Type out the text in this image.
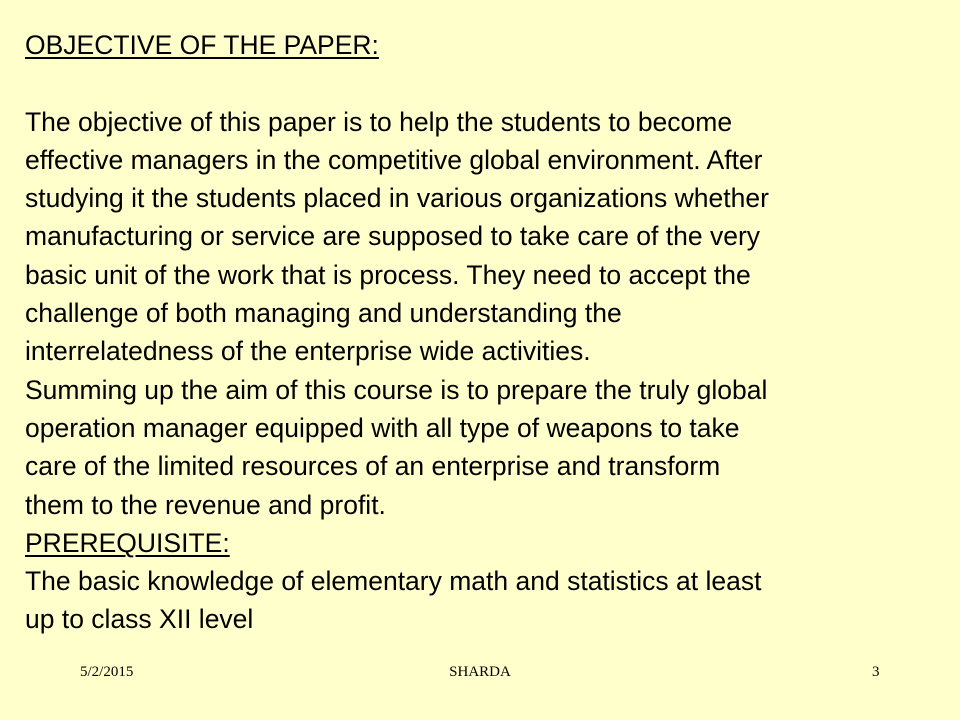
OBJECTIVE OF THE PAPER:
The objective of this paper is to help the students to become
effective managers in the competitive global environment. After
studying it the students placed in various organizations whether
manufacturing or service are supposed to take care of the very
basic unit of the work that is process. They need to accept the
challenge of both managing and understanding the
interrelatedness of the enterprise wide activities.
Summing up the aim of this course is to prepare the truly global
operation manager equipped with all type of weapons to take
care of the limited resources of an enterprise and transform
them to the revenue and profit.
PREREQUISITE:
The basic knowledge of elementary math and statistics at least
up to class XII level
5/2/2015	SHARDA	3
